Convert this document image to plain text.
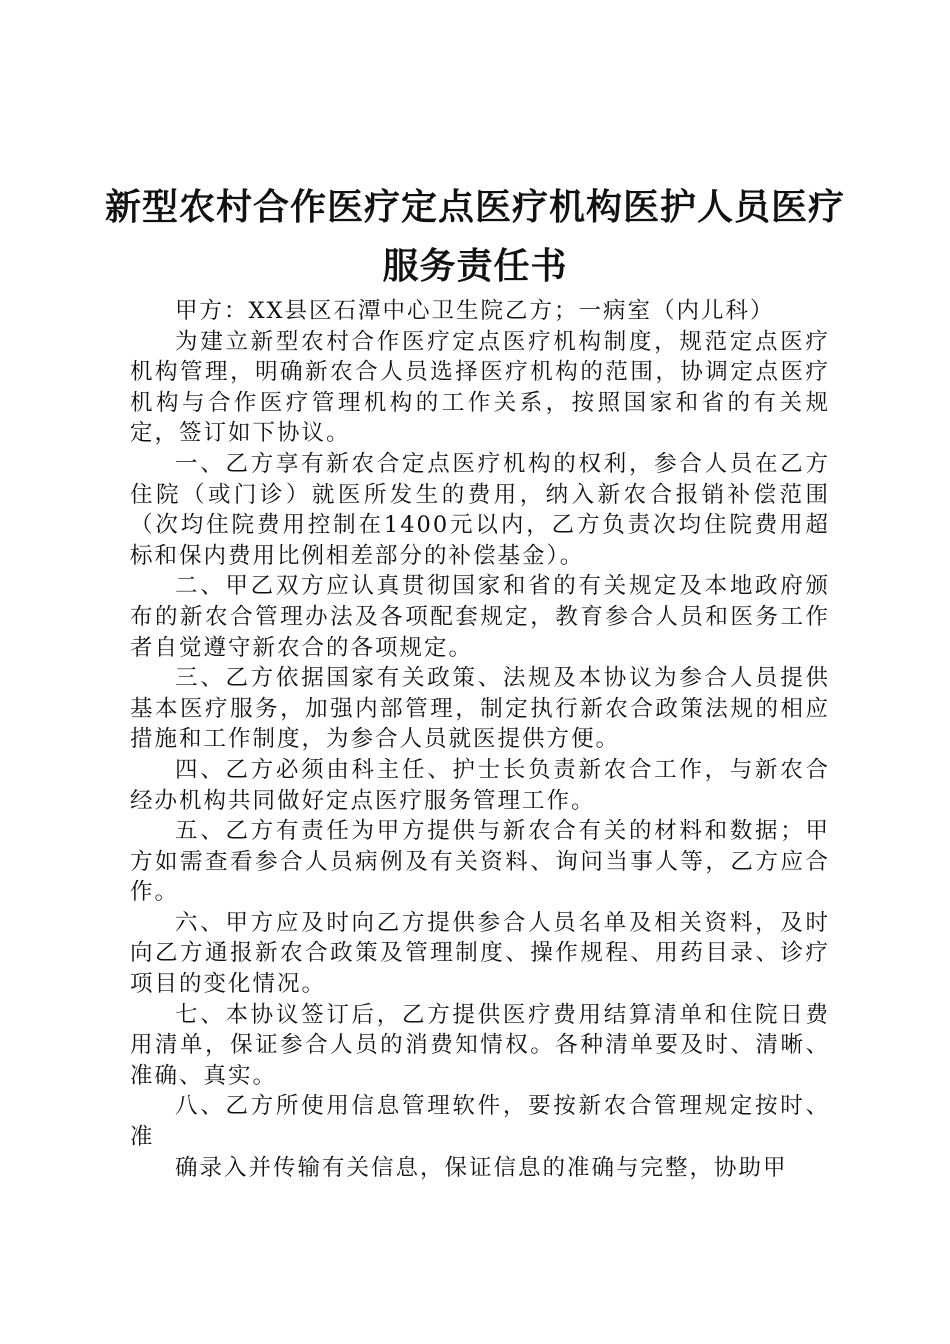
新型农村合作医疗定点医疗机构医护人员医疗
服务责任书

甲方：XX县区石潭中心卫生院乙方；一病室（内儿科）

为建立新型农村合作医疗定点医疗机构制度，规范定点医疗机构管理，明确新农合人员选择医疗机构的范围，协调定点医疗机构与合作医疗管理机构的工作关系，按照国家和省的有关规定，签订如下协议。

一、乙方享有新农合定点医疗机构的权利，参合人员在乙方住院（或门诊）就医所发生的费用，纳入新农合报销补偿范围（次均住院费用控制在1400元以内，乙方负责次均住院费用超标和保内费用比例相差部分的补偿基金）。

二、甲乙双方应认真贯彻国家和省的有关规定及本地政府颁布的新农合管理办法及各项配套规定，教育参合人员和医务工作者自觉遵守新农合的各项规定。

三、乙方依据国家有关政策、法规及本协议为参合人员提供基本医疗服务，加强内部管理，制定执行新农合政策法规的相应措施和工作制度，为参合人员就医提供方便。

四、乙方必须由科主任、护士长负责新农合工作，与新农合经办机构共同做好定点医疗服务管理工作。

五、乙方有责任为甲方提供与新农合有关的材料和数据；甲方如需查看参合人员病例及有关资料、询问当事人等，乙方应合作。

六、甲方应及时向乙方提供参合人员名单及相关资料，及时向乙方通报新农合政策及管理制度、操作规程、用药目录、诊疗项目的变化情况。

七、本协议签订后，乙方提供医疗费用结算清单和住院日费用清单，保证参合人员的消费知情权。各种清单要及时、清晰、准确、真实。

八、乙方所使用信息管理软件，要按新农合管理规定按时、准

确录入并传输有关信息，保证信息的准确与完整，协助甲
